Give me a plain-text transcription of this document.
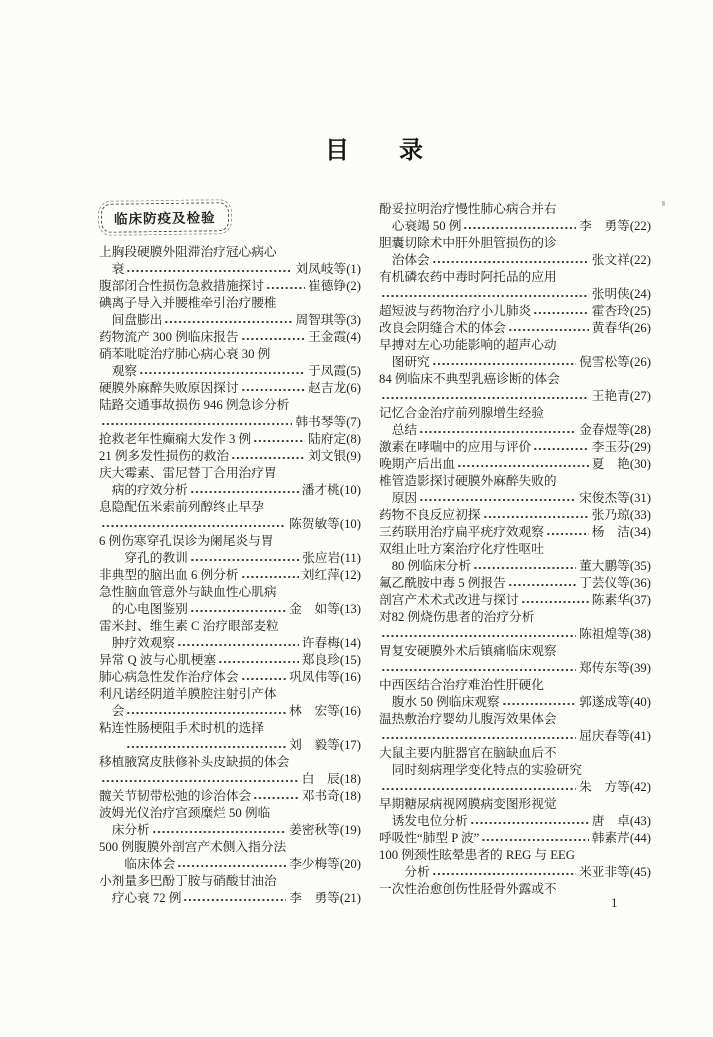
目      录
临床防疫及检验
上胸段硬膜外阻滞治疗冠心病心
衰	刘凤岐等(1)
腹部闭合性损伤急救措施探讨	崔德铮(2)
碘离子导入并腰椎牵引治疗腰椎
间盘膨出	周智琪等(3)
药物流产 300 例临床报告	王金霞(4)
硝苯吡啶治疗肺心病心衰 30 例
观察	于凤霞(5)
硬膜外麻醉失败原因探讨	赵吉龙(6)
陆路交通事故损伤 946 例急诊分析
韩书琴等(7)
抢救老年性癫痫大发作 3 例	陆府定(8)
21 例多发性损伤的救治	刘文银(9)
庆大霉素、雷尼替丁合用治疗胃
病的疗效分析	潘才桃(10)
息隐配伍米索前列醇终止早孕
陈贺敏等(10)
6 例伤寒穿孔误诊为阑尾炎与胃
穿孔的教训	张应岩(11)
非典型的脑出血 6 例分析	刘红萍(12)
急性脑血管意外与缺血性心肌病
的心电图鉴别	金　如等(13)
雷米封、维生素 C 治疗眼部麦粒
肿疗效观察	许春梅(14)
异常 Q 波与心肌梗塞	郑良珍(15)
肺心病急性发作治疗体会	巩凤伟等(16)
利凡诺经阴道羊膜腔注射引产体
会	林　宏等(16)
粘连性肠梗阻手术时机的选择
刘　毅等(17)
移植腋窝皮肤修补头皮缺损的体会
白　辰(18)
髋关节韧带松弛的诊治体会	邓书奇(18)
波姆光仪治疗宫颈糜烂 50 例临
床分析	姜密秋等(19)
500 例腹膜外剖宫产术侧入指分法
临床体会	李少梅等(20)
小剂量多巴酚丁胺与硝酸甘油治
疗心衰 72 例	李　勇等(21)
酚妥拉明治疗慢性肺心病合并右
心衰竭 50 例	李　勇等(22)
胆囊切除术中肝外胆管损伤的诊
治体会	张文祥(22)
有机磷农药中毒时阿托品的应用
张明侠(24)
超短波与药物治疗小儿肺炎	霍杏玲(25)
改良会阴缝合术的体会	黄春华(26)
早搏对左心功能影响的超声心动
图研究	倪雪松等(26)
84 例临床不典型乳癌诊断的体会
王艳青(27)
记忆合金治疗前列腺增生经验
总结	金春煜等(28)
激素在哮喘中的应用与评价	李玉芬(29)
晚期产后出血	夏　艳(30)
椎管造影探讨硬膜外麻醉失败的
原因	宋俊杰等(31)
药物不良反应初探	张乃琼(33)
三药联用治疗扁平疣疗效观察	杨　洁(34)
双组止吐方案治疗化疗性呕吐
80 例临床分析	董大鹏等(35)
氟乙酰胺中毒 5 例报告	丁芸仪等(36)
剖宫产术术式改进与探讨	陈素华(37)
对82 例烧伤患者的治疗分析
陈祖煌等(38)
胃复安硬膜外术后镇痛临床观察
郑传东等(39)
中西医结合治疗难治性肝硬化
腹水 50 例临床观察	郭遂成等(40)
温热敷治疗婴幼儿腹泻效果体会
屈庆春等(41)
大鼠主要内脏器官在脑缺血后不
同时刻病理学变化特点的实验研究
朱　方等(42)
早期糖尿病视网膜病变图形视觉
诱发电位分析	唐　卓(43)
呼吸性“肺型 P 波”	韩素芹(44)
100 例颈性眩晕患者的 REG 与 EEG
分析	米亚非等(45)
一次性治愈创伤性胫骨外露或不
1
